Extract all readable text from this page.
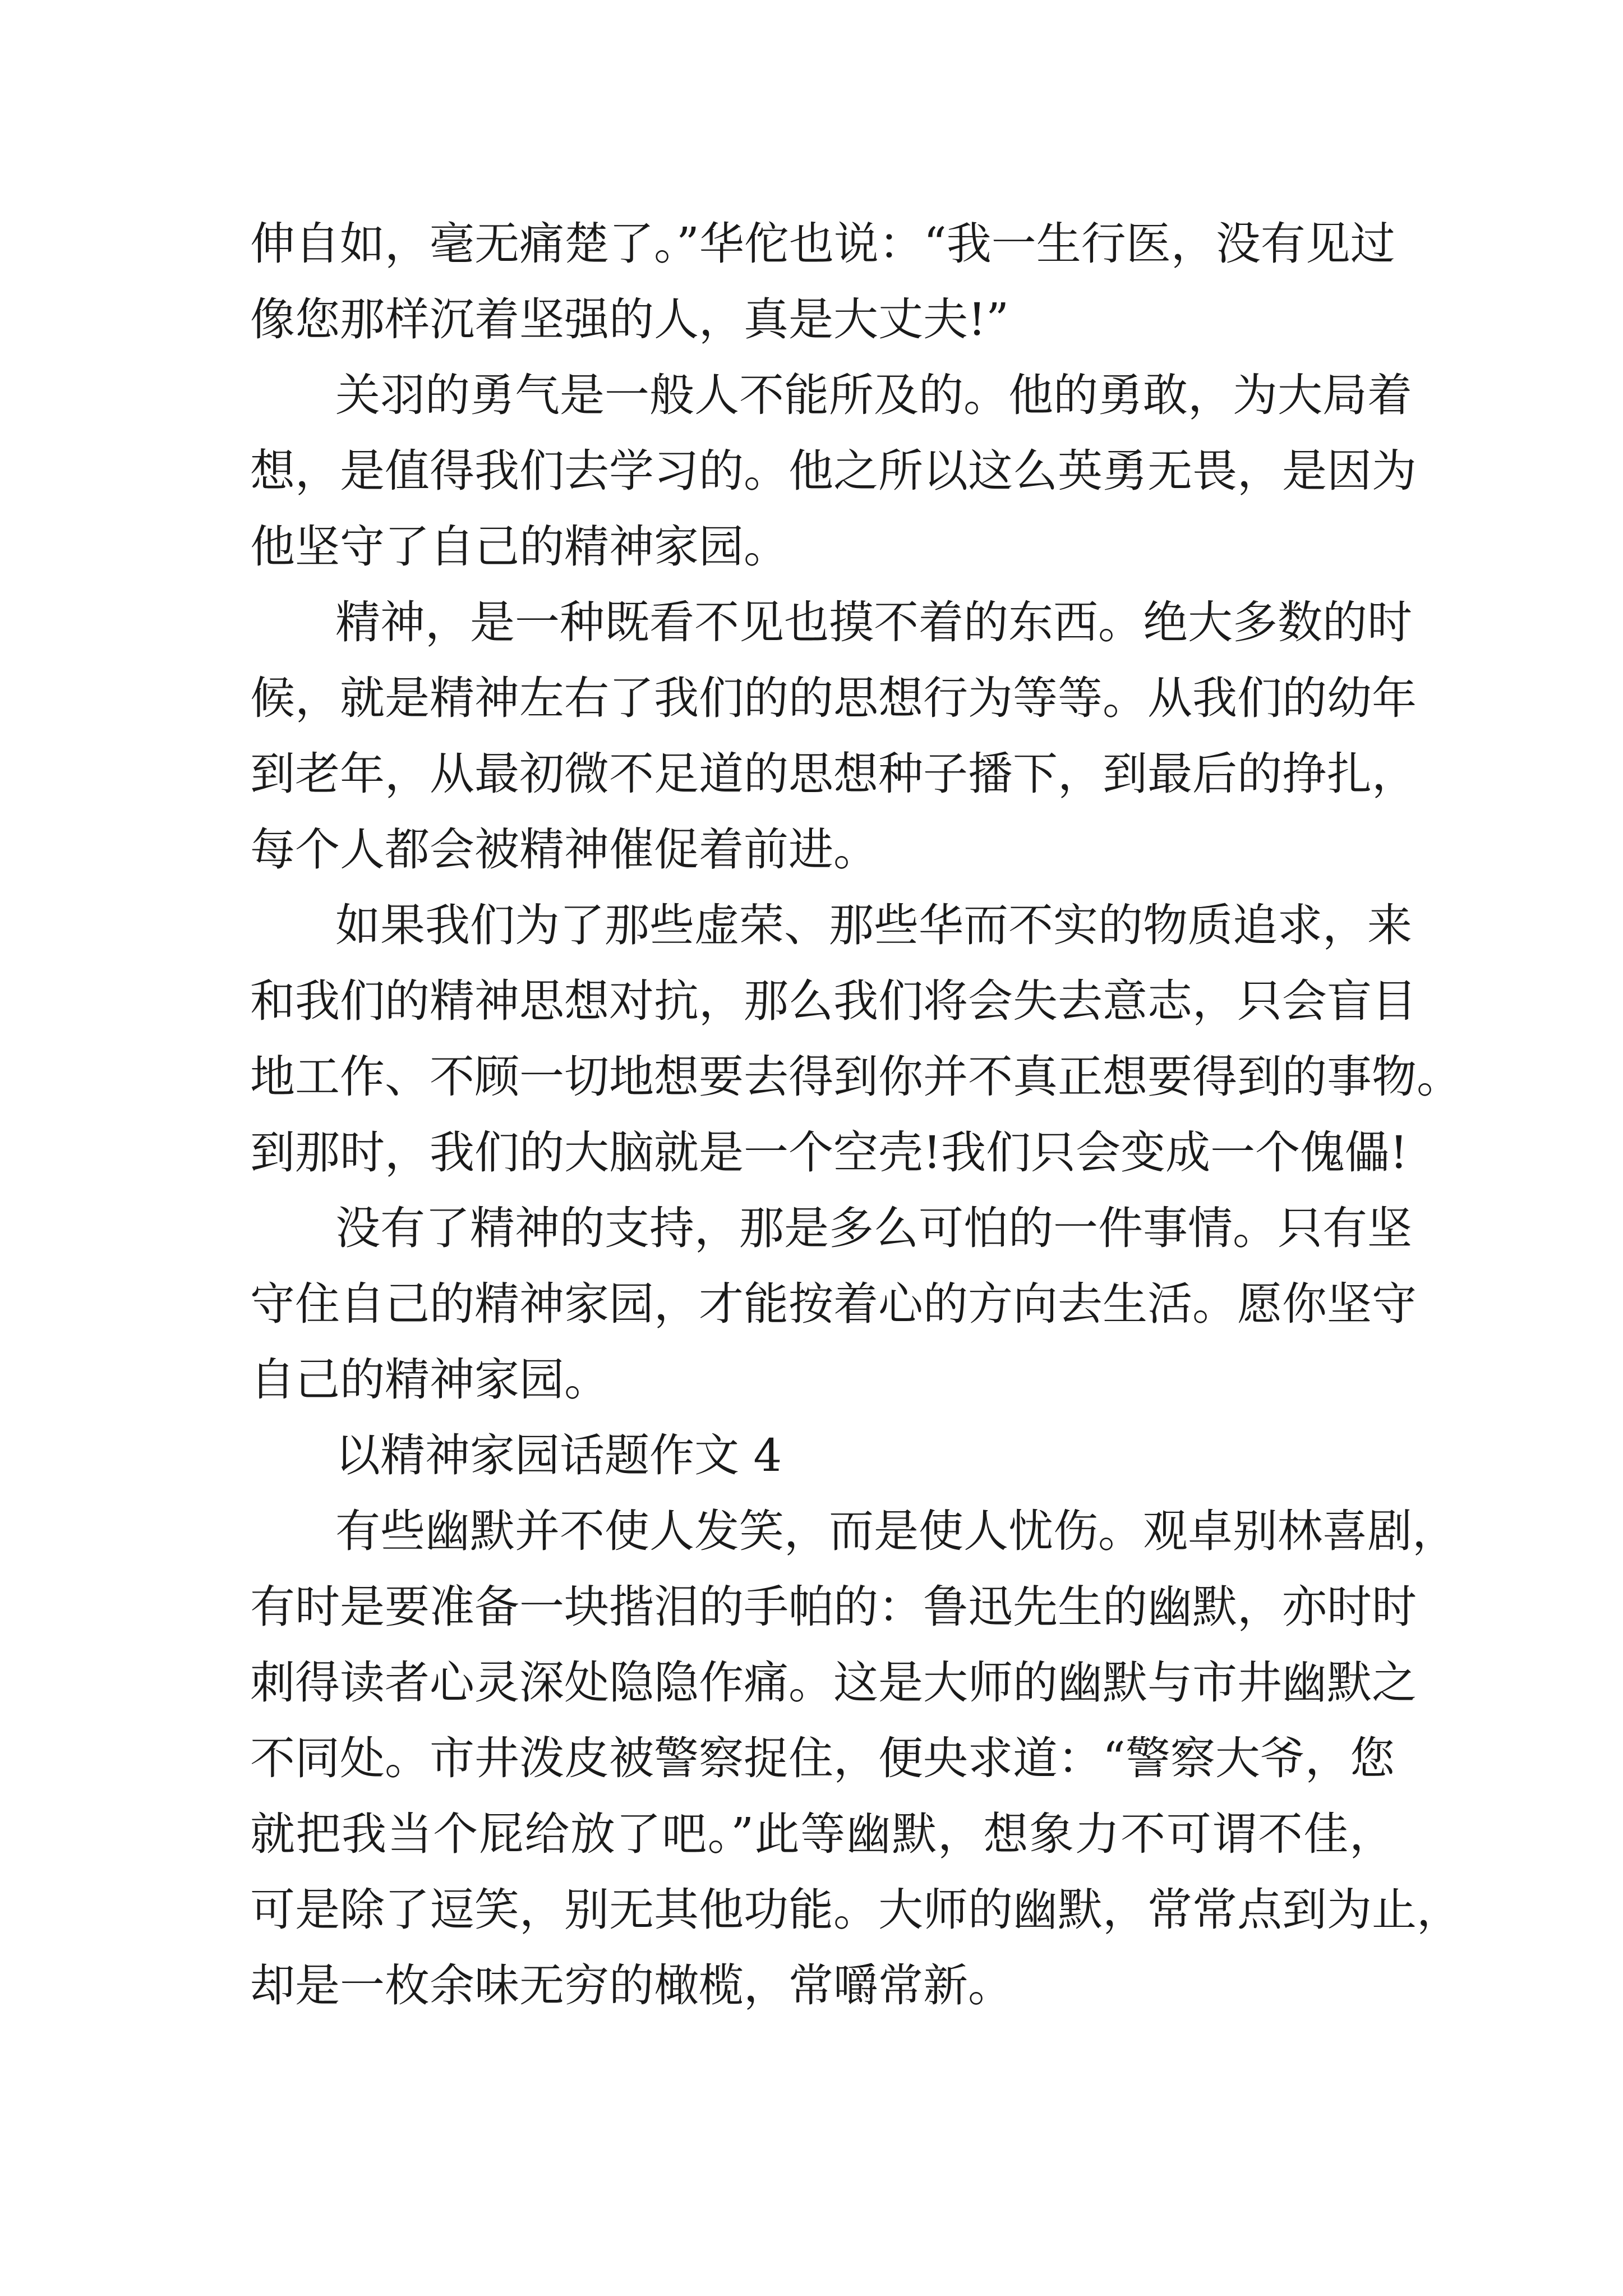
伸自如，毫无痛楚了。”华佗也说：“我一生行医，没有见过
像您那样沉着坚强的人，真是大丈夫!”
关羽的勇气是一般人不能所及的。他的勇敢，为大局着
想，是值得我们去学习的。他之所以这么英勇无畏，是因为
他坚守了自己的精神家园。
精神，是一种既看不见也摸不着的东西。绝大多数的时
候，就是精神左右了我们的的思想行为等等。从我们的幼年
到老年，从最初微不足道的思想种子播下，到最后的挣扎，
每个人都会被精神催促着前进。
如果我们为了那些虚荣、那些华而不实的物质追求，来
和我们的精神思想对抗，那么我们将会失去意志，只会盲目
地工作、不顾一切地想要去得到你并不真正想要得到的事物。
到那时，我们的大脑就是一个空壳!我们只会变成一个傀儡!
没有了精神的支持，那是多么可怕的一件事情。只有坚
守住自己的精神家园，才能按着心的方向去生活。愿你坚守
自己的精神家园。
以精神家园话题作文 4
有些幽默并不使人发笑，而是使人忧伤。观卓别林喜剧，
有时是要准备一块揩泪的手帕的：鲁迅先生的幽默，亦时时
刺得读者心灵深处隐隐作痛。这是大师的幽默与市井幽默之
不同处。市井泼皮被警察捉住，便央求道：“警察大爷，您
就把我当个屁给放了吧。”此等幽默，想象力不可谓不佳，
可是除了逗笑，别无其他功能。大师的幽默，常常点到为止，
却是一枚余味无穷的橄榄，常嚼常新。
